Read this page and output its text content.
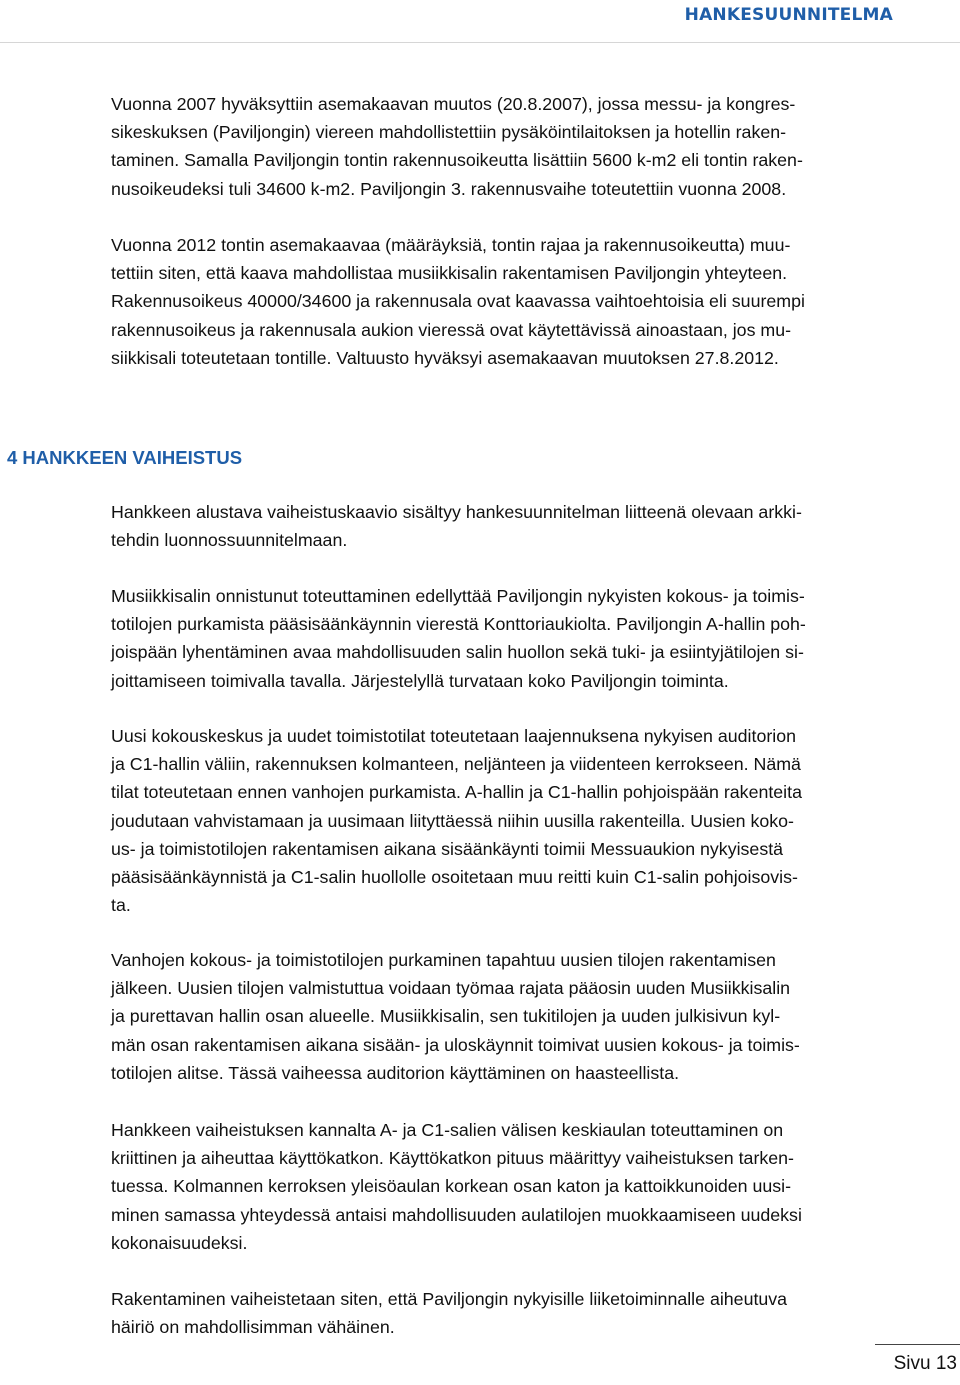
HANKESUUNNITELMA
Vuonna 2007 hyväksyttiin asemakaavan muutos (20.8.2007), jossa messu- ja kongres-
sikeskuksen (Paviljongin) viereen mahdollistettiin pysäköintilaitoksen ja hotellin raken-
taminen. Samalla Paviljongin tontin rakennusoikeutta lisättiin 5600 k-m2 eli tontin raken-
nusoikeudeksi tuli 34600 k-m2. Paviljongin 3. rakennusvaihe toteutettiin vuonna 2008.
Vuonna 2012 tontin asemakaavaa (määräyksiä, tontin rajaa ja rakennusoikeutta) muu-
tettiin siten, että kaava mahdollistaa musiikkisalin rakentamisen Paviljongin yhteyteen.
Rakennusoikeus 40000/34600 ja rakennusala ovat kaavassa vaihtoehtoisia eli suurempi
rakennusoikeus ja rakennusala aukion vieressä ovat käytettävissä ainoastaan, jos mu-
siikkisali toteutetaan tontille. Valtuusto hyväksyi asemakaavan muutoksen 27.8.2012.
4 HANKKEEN VAIHEISTUS
Hankkeen alustava vaiheistuskaavio sisältyy hankesuunnitelman liitteenä olevaan arkki-
tehdin luonnossuunnitelmaan.
Musiikkisalin onnistunut toteuttaminen edellyttää Paviljongin nykyisten kokous- ja toimis-
totilojen purkamista pääsisäänkäynnin vierestä Konttoriaukiolta. Paviljongin A-hallin poh-
joispään lyhentäminen avaa mahdollisuuden salin huollon sekä tuki- ja esiintyjätilojen si-
joittamiseen toimivalla tavalla. Järjestelyllä turvataan koko Paviljongin toiminta.
Uusi kokouskeskus ja uudet toimistotilat toteutetaan laajennuksena nykyisen auditorion
ja C1-hallin väliin, rakennuksen kolmanteen, neljänteen ja viidenteen kerrokseen. Nämä
tilat toteutetaan ennen vanhojen purkamista. A-hallin ja C1-hallin pohjoispään rakenteita
joudutaan vahvistamaan ja uusimaan liityttäessä niihin uusilla rakenteilla. Uusien koko-
us- ja toimistotilojen rakentamisen aikana sisäänkäynti toimii Messuaukion nykyisestä
pääsisäänkäynnistä ja C1-salin huollolle osoitetaan muu reitti kuin C1-salin pohjoisovis-
ta.
Vanhojen kokous- ja toimistotilojen purkaminen tapahtuu uusien tilojen rakentamisen
jälkeen. Uusien tilojen valmistuttua voidaan työmaa rajata pääosin uuden Musiikkisalin
ja purettavan hallin osan alueelle. Musiikkisalin, sen tukitilojen ja uuden julkisivun kyl-
män osan rakentamisen aikana sisään- ja uloskäynnit toimivat uusien kokous- ja toimis-
totilojen alitse. Tässä vaiheessa auditorion käyttäminen on haasteellista.
Hankkeen vaiheistuksen kannalta A- ja C1-salien välisen keskiaulan toteuttaminen on
kriittinen ja aiheuttaa käyttökatkon. Käyttökatkon pituus määrittyy vaiheistuksen tarken-
tuessa. Kolmannen kerroksen yleisöaulan korkean osan katon ja kattoikkunoiden uusi-
minen samassa yhteydessä antaisi mahdollisuuden aulatilojen muokkaamiseen uudeksi
kokonaisuudeksi.
Rakentaminen vaiheistetaan siten, että Paviljongin nykyisille liiketoiminnalle aiheutuva
häiriö on mahdollisimman vähäinen.
Sivu 13
